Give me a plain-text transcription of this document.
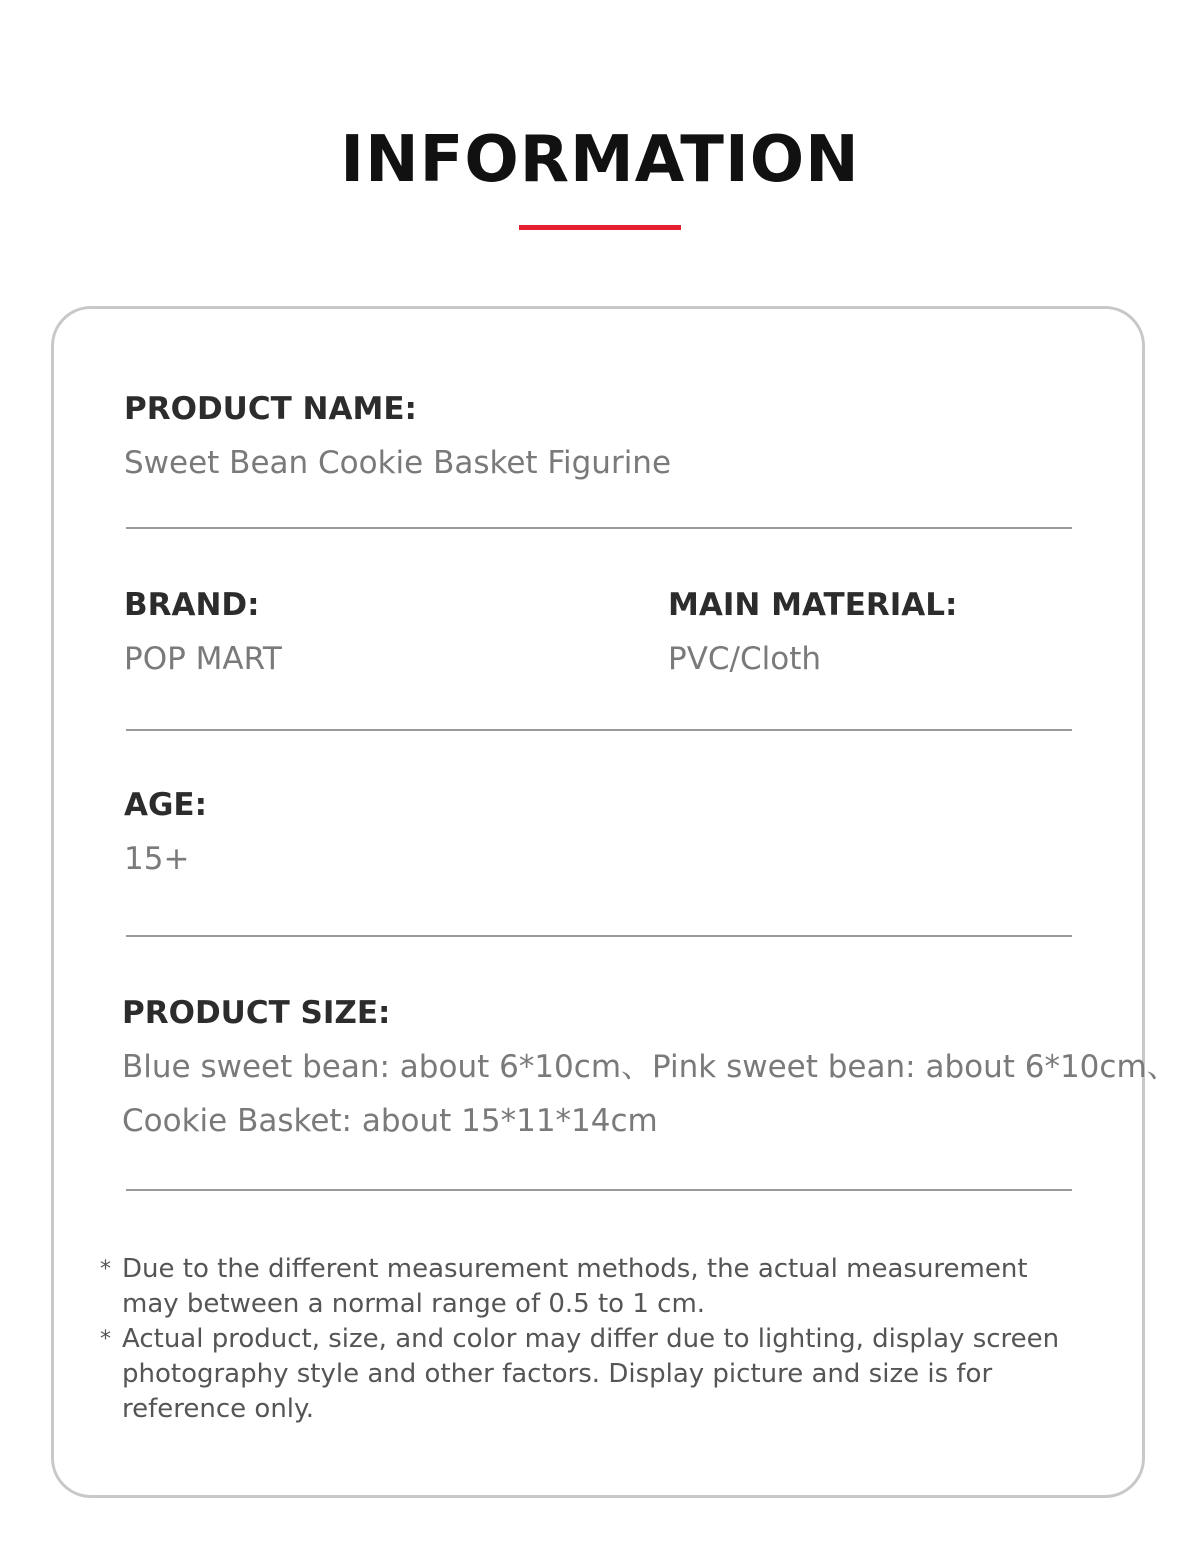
INFORMATION
PRODUCT NAME:
Sweet Bean Cookie Basket Figurine
BRAND:
POP MART
MAIN MATERIAL:
PVC/Cloth
AGE:
15+
PRODUCT SIZE:
Blue sweet bean: about 6*10cm、Pink sweet bean: about 6*10cm、
Cookie Basket: about 15*11*14cm
* Due to the different measurement methods, the actual measurement may between a normal range of 0.5 to 1 cm.
* Actual product, size, and color may differ due to lighting, display screen photography style and other factors. Display picture and size is for reference only.
